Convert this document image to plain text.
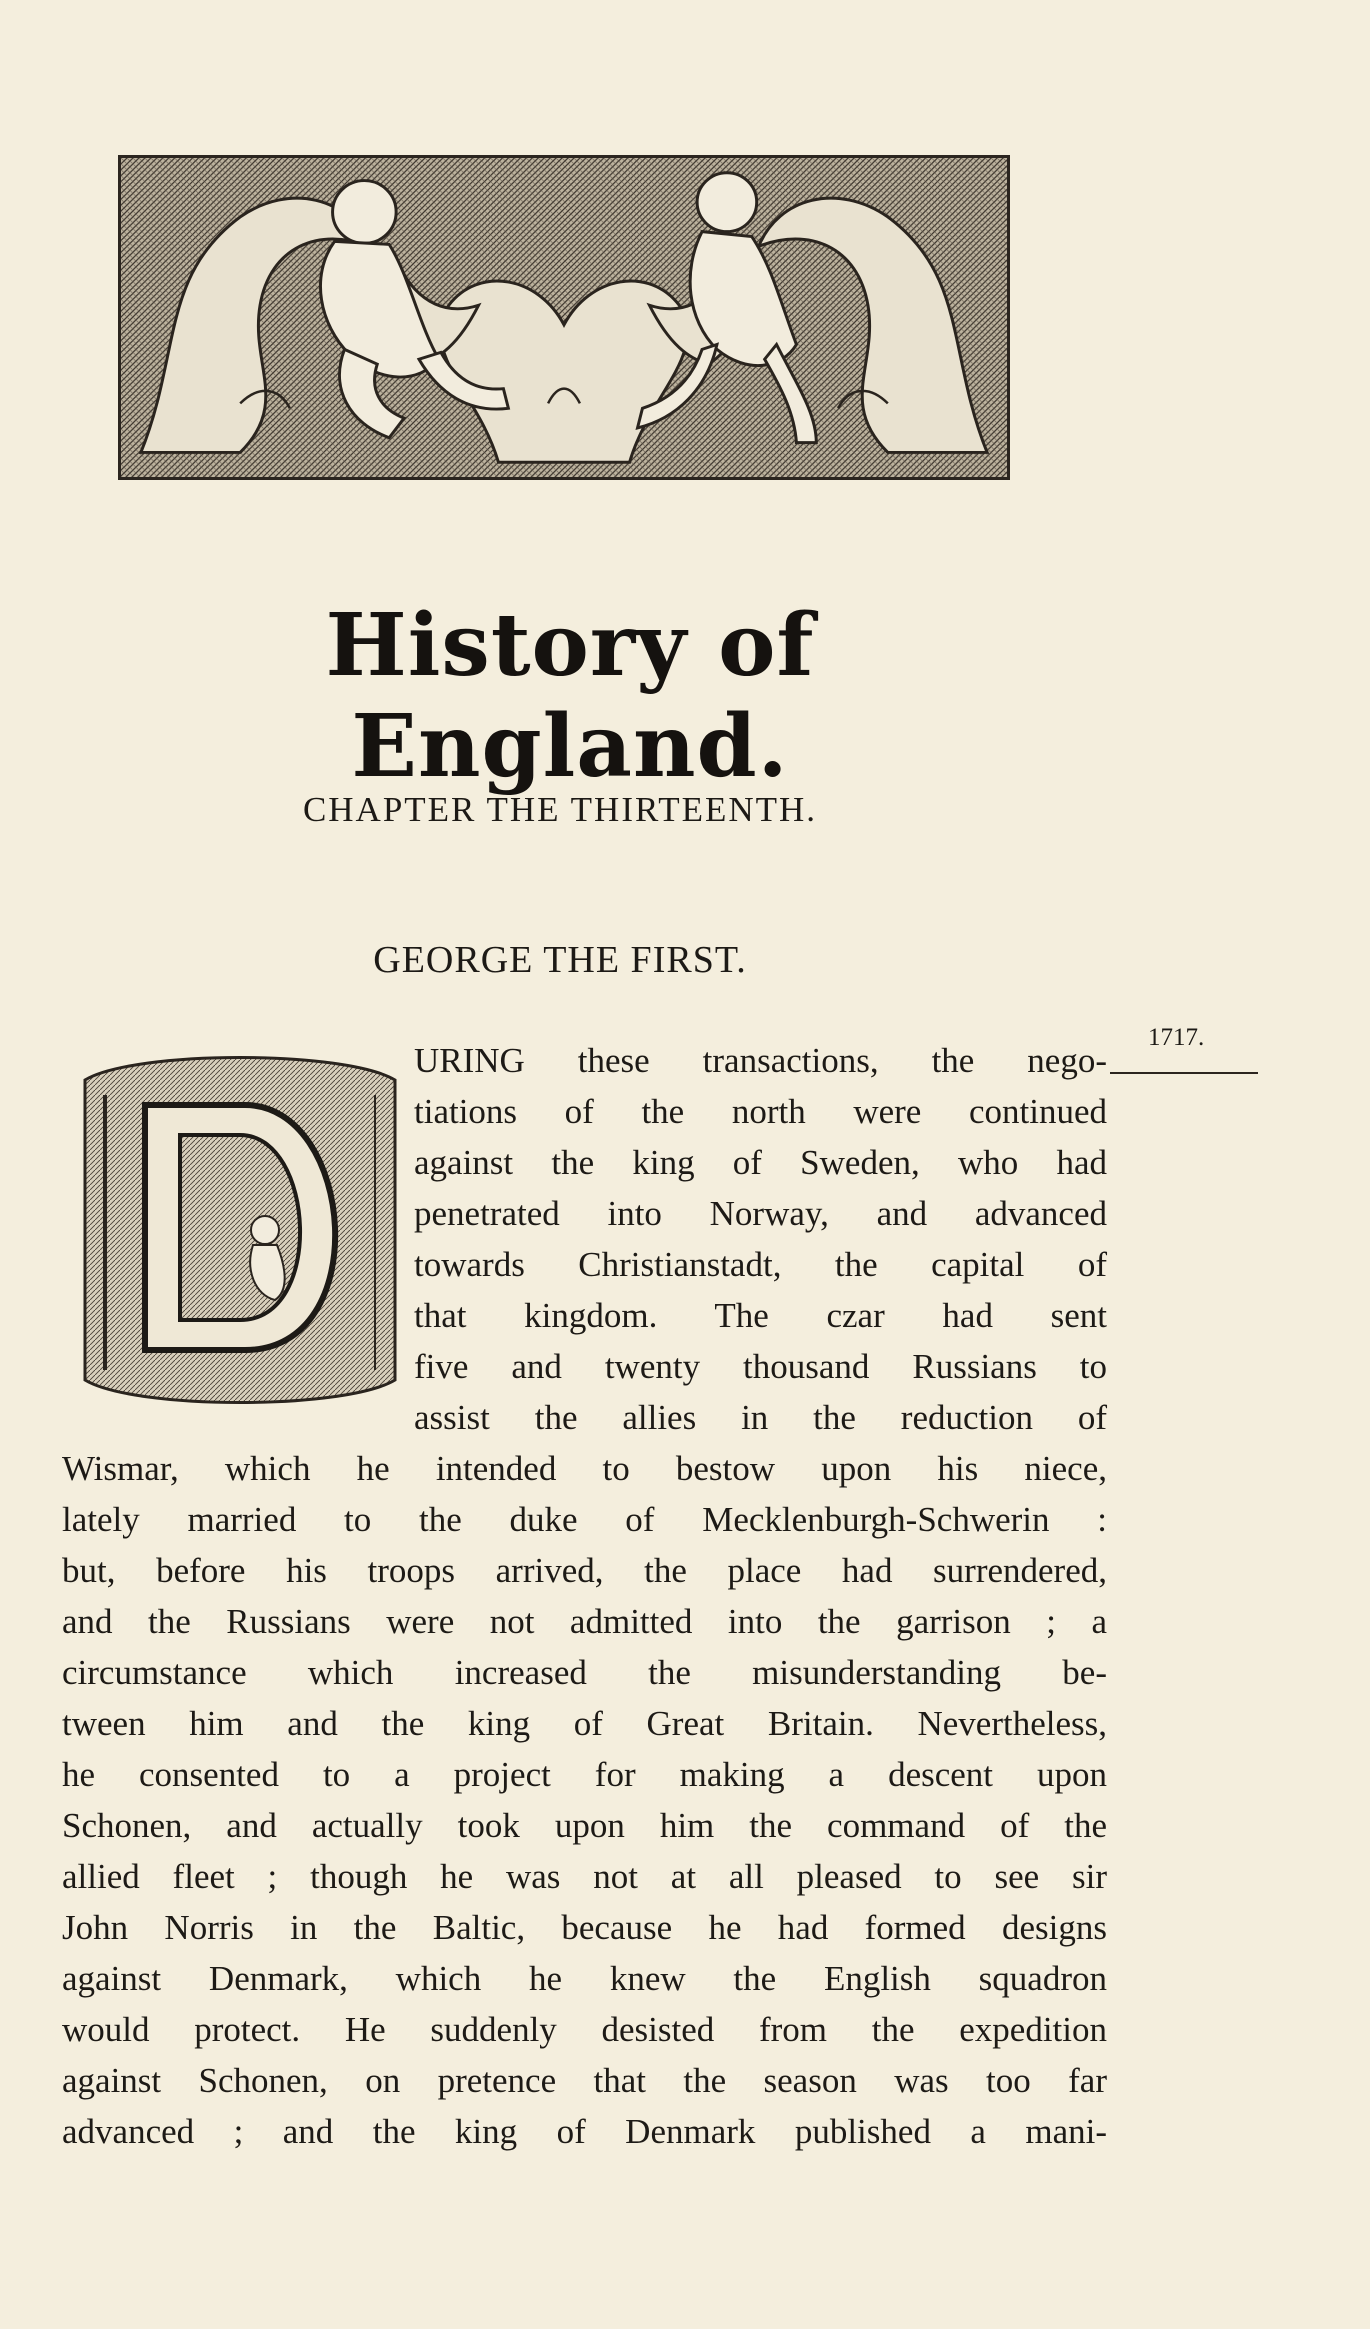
History of England.
CHAPTER THE THIRTEENTH.
GEORGE THE FIRST.
1717.
URING these transactions, the nego-
tiations of the north were continued
against the king of Sweden, who had
penetrated into Norway, and advanced
towards Christianstadt, the capital of
that kingdom. The czar had sent
five and twenty thousand Russians to
assist the allies in the reduction of
Wismar, which he intended to bestow upon his niece,
lately married to the duke of Mecklenburgh-Schwerin :
but, before his troops arrived, the place had surrendered,
and the Russians were not admitted into the garrison ; a
circumstance which increased the misunderstanding be-
tween him and the king of Great Britain. Nevertheless,
he consented to a project for making a descent upon
Schonen, and actually took upon him the command of the
allied fleet ; though he was not at all pleased to see sir
John Norris in the Baltic, because he had formed designs
against Denmark, which he knew the English squadron
would protect. He suddenly desisted from the expedition
against Schonen, on pretence that the season was too far
advanced ; and the king of Denmark published a mani-
